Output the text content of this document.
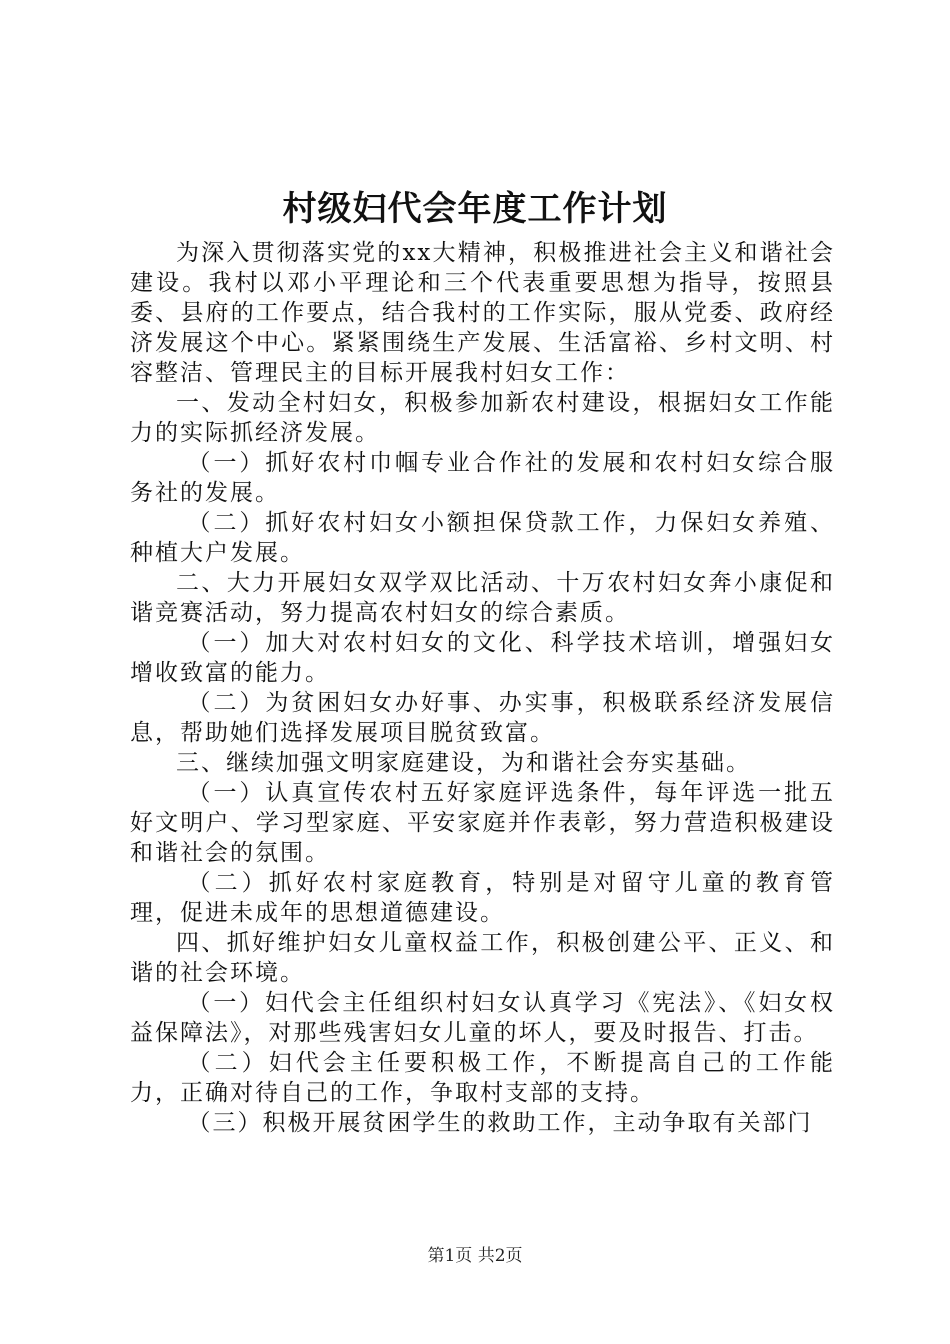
村级妇代会年度工作计划

为深入贯彻落实党的xx大精神，积极推进社会主义和谐社会建设。我村以邓小平理论和三个代表重要思想为指导，按照县委、县府的工作要点，结合我村的工作实际，服从党委、政府经济发展这个中心。紧紧围绕生产发展、生活富裕、乡村文明、村容整洁、管理民主的目标开展我村妇女工作：

一、发动全村妇女，积极参加新农村建设，根据妇女工作能力的实际抓经济发展。

（一）抓好农村巾帼专业合作社的发展和农村妇女综合服务社的发展。

（二）抓好农村妇女小额担保贷款工作，力保妇女养殖、种植大户发展。

二、大力开展妇女双学双比活动、十万农村妇女奔小康促和谐竞赛活动，努力提高农村妇女的综合素质。

（一）加大对农村妇女的文化、科学技术培训，增强妇女增收致富的能力。

（二）为贫困妇女办好事、办实事，积极联系经济发展信息，帮助她们选择发展项目脱贫致富。

三、继续加强文明家庭建设，为和谐社会夯实基础。

（一）认真宣传农村五好家庭评选条件，每年评选一批五好文明户、学习型家庭、平安家庭并作表彰，努力营造积极建设和谐社会的氛围。

（二）抓好农村家庭教育，特别是对留守儿童的教育管理，促进未成年的思想道德建设。

四、抓好维护妇女儿童权益工作，积极创建公平、正义、和谐的社会环境。

（一）妇代会主任组织村妇女认真学习《宪法》、《妇女权益保障法》，对那些残害妇女儿童的坏人，要及时报告、打击。

（二）妇代会主任要积极工作，不断提高自己的工作能力，正确对待自己的工作，争取村支部的支持。

（三）积极开展贫困学生的救助工作，主动争取有关部门

第1页 共2页
